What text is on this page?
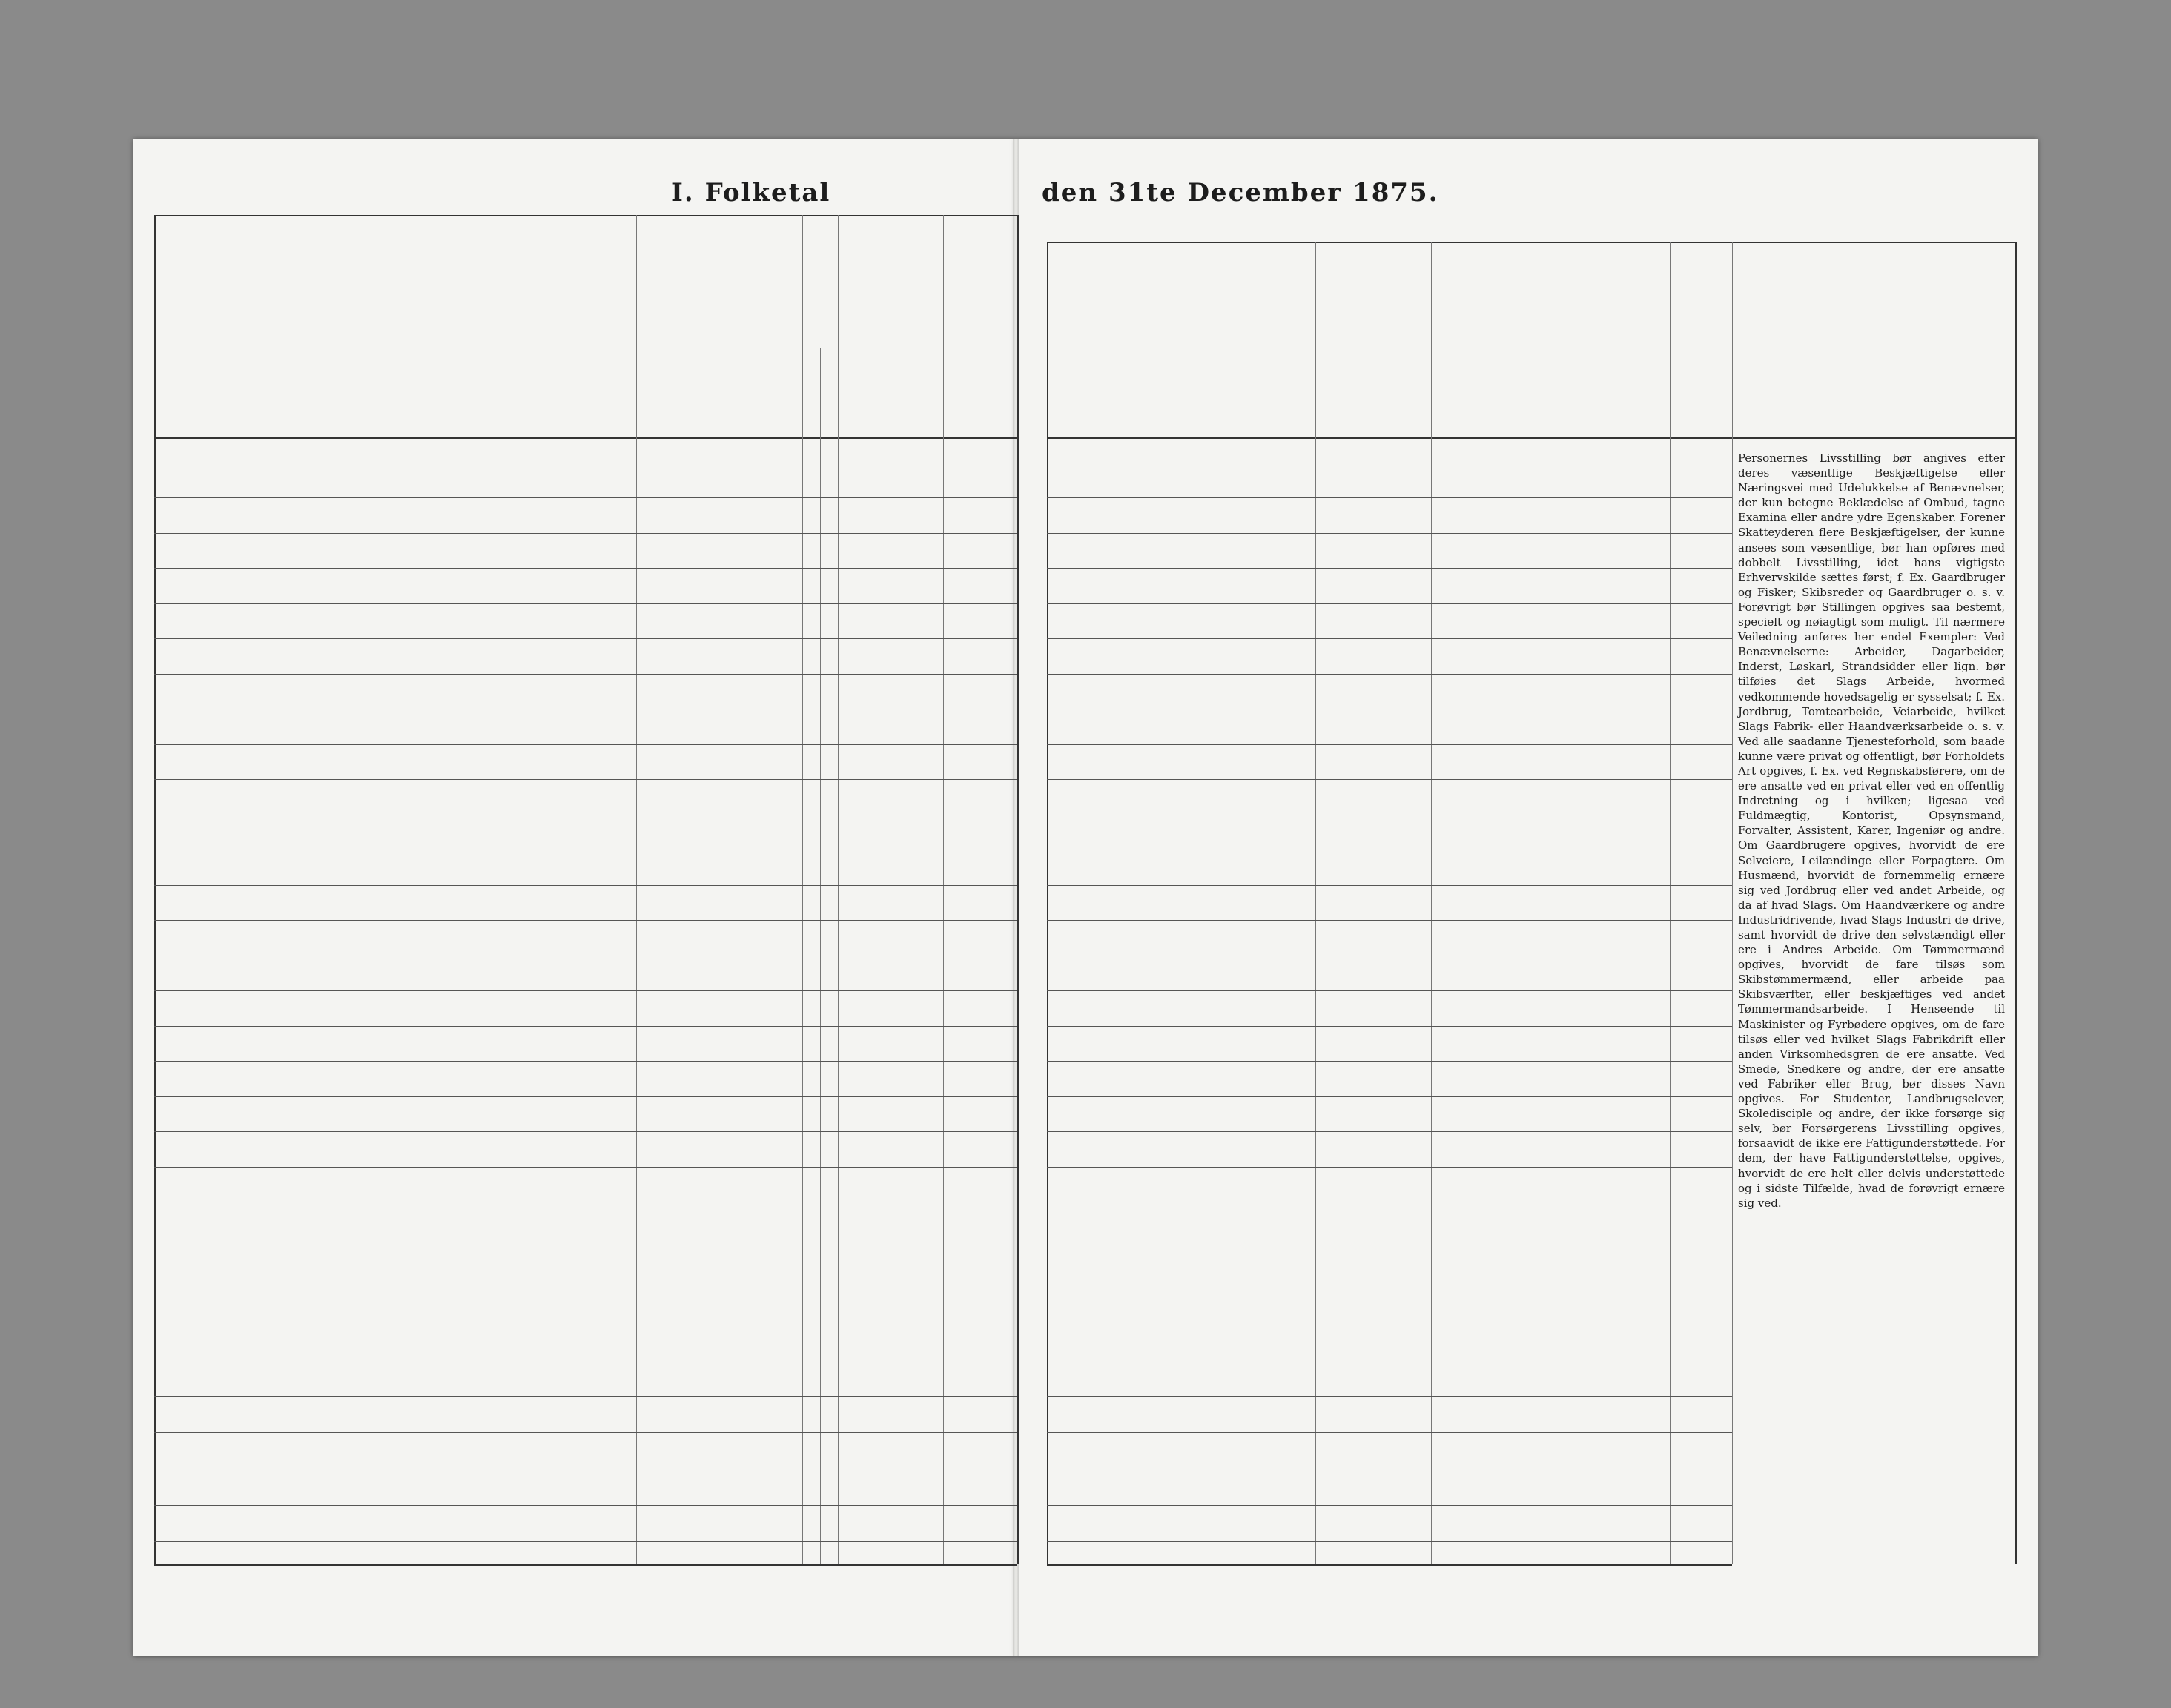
I. Folketal	den 31te December 1875.
Personernes Livsstilling bør angives efter deres væsentlige Beskjæftigelse eller Næringsvei med Udelukkelse af Benævnelser, der kun betegne Beklædelse af Ombud, tagne Examina eller andre ydre Egenskaber. Forener Skatteyderen flere Beskjæftigelser, der kunne ansees som væsentlige, bør han opføres med dobbelt Livsstilling, idet hans vigtigste Erhvervskilde sættes først; f. Ex. Gaardbruger og Fisker; Skibsreder og Gaardbruger o. s. v. Forøvrigt bør Stillingen opgives saa bestemt, specielt og nøiagtigt som muligt. Til nærmere Veiledning anføres her endel Exempler: Ved Benævnelserne: Arbeider, Dagarbeider, Inderst, Løskarl, Strandsidder eller lign. bør tilføies det Slags Arbeide, hvormed vedkommende hovedsagelig er sysselsat; f. Ex. Jordbrug, Tomtearbeide, Veiarbeide, hvilket Slags Fabrik- eller Haandværksarbeide o. s. v. Ved alle saadanne Tjenesteforhold, som baade kunne være privat og offentligt, bør Forholdets Art opgives, f. Ex. ved Regnskabsførere, om de ere ansatte ved en privat eller ved en offentlig Indretning og i hvilken; ligesaa ved Fuldmægtig, Kontorist, Opsynsmand, Forvalter, Assistent, Karer, Ingeniør og andre. Om Gaardbrugere opgives, hvorvidt de ere Selveiere, Leilændinge eller Forpagtere. Om Husmænd, hvorvidt de fornemmelig ernære sig ved Jordbrug eller ved andet Arbeide, og da af hvad Slags. Om Haandværkere og andre Industridrivende, hvad Slags Industri de drive, samt hvorvidt de drive den selvstændigt eller ere i Andres Arbeide. Om Tømmermænd opgives, hvorvidt de fare tilsøs som Skibstømmermænd, eller arbeide paa Skibsværfter, eller beskjæftiges ved andet Tømmermandsarbeide. I Henseende til Maskinister og Fyrbødere opgives, om de fare tilsøs eller ved hvilket Slags Fabrikdrift eller anden Virksomhedsgren de ere ansatte. Ved Smede, Snedkere og andre, der ere ansatte ved Fabriker eller Brug, bør disses Navn opgives. For Studenter, Landbrugselever, Skoledisciple og andre, der ikke forsørge sig selv, bør Forsørgerens Livsstilling opgives, forsaavidt de ikke ere Fattigunderstøttede. For dem, der have Fattigunderstøttelse, opgives, hvorvidt de ere helt eller delvis understøttede og i sidste Tilfælde, hvad de forøvrigt ernære sig ved.
